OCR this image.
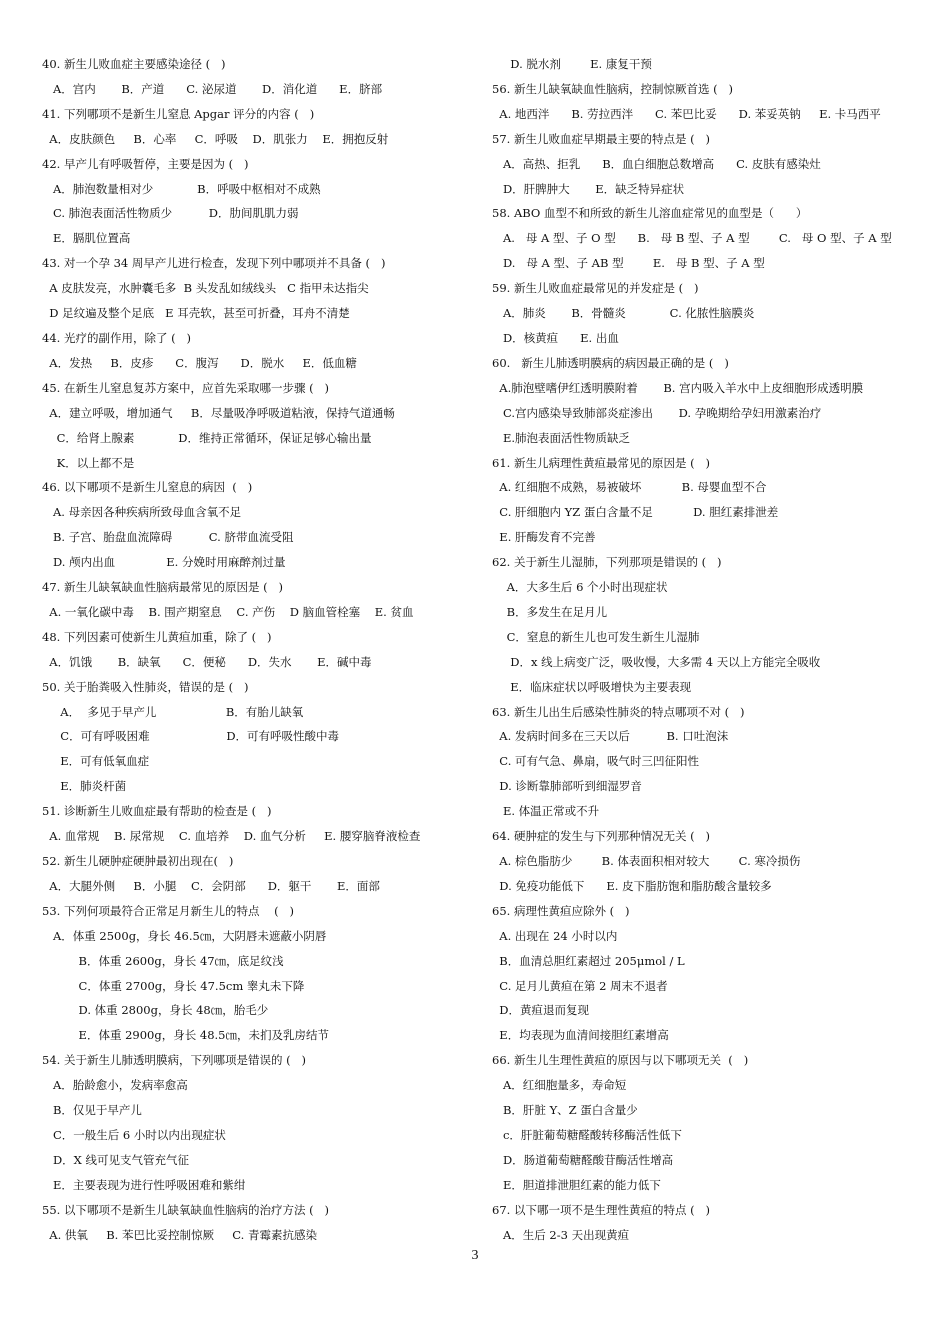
40. 新生儿败血症主要感染途径 (   )
A．宫内       B．产道      C. 泌尿道       D．消化道      E．脐部
41. 下列哪项不是新生儿窒息 Apgar 评分的内容 (   )
A．皮肤颜色     B．心率     C．呼吸    D．肌张力    E．拥抱反射
42. 早产儿有呼吸暂停，主要是因为 (   )
A．肺泡数量相对少            B．呼吸中枢相对不成熟
C. 肺泡表面活性物质少          D．肋间肌肌力弱
E．膈肌位置高
43. 对一个孕 34 周早产儿进行检查，发现下列中哪项并不具备 (   )
A 皮肤发亮，水肿囊毛多  B 头发乱如绒线头   C 指甲未达指尖
D 足纹遍及整个足底   E 耳壳软，甚至可折叠，耳舟不清楚
44. 光疗的副作用，除了 (   )
A．发热     B．皮疹      C．腹泻      D．脱水     E．低血糖
45. 在新生儿窒息复苏方案中，应首先采取哪一步骤 (   )
A．建立呼吸，增加通气     B．尽量吸净呼吸道粘液，保持气道通畅
C．给肾上腺素            D．维持正常循环，保证足够心输出量
K．以上都不是
46. 以下哪项不是新生儿窒息的病因  (   )
A. 母亲因各种疾病所致母血含氧不足
B. 子宫、胎盘血流障碍          C. 脐带血流受阻
D. 颅内出血              E. 分娩时用麻醉剂过量
47. 新生儿缺氧缺血性脑病最常见的原因是 (   )
A. 一氧化碳中毒    B. 围产期窒息    C. 产伤    D 脑血管栓塞    E. 贫血
48. 下列因素可使新生儿黄疸加重，除了 (   )
A．饥饿       B．缺氧      C．便秘      D．失水       E．碱中毒
50. 关于胎粪吸入性肺炎，错误的是 (   )
A．  多见于早产儿                   B．有胎儿缺氧
C．可有呼吸困难                     D．可有呼吸性酸中毒
E．可有低氧血症
E．肺炎杆菌
51. 诊断新生儿败血症最有帮助的检查是 (   )
A. 血常规    B. 尿常规    C. 血培养    D. 血气分析     E. 腰穿脑脊液检查
52. 新生儿硬肿症硬肿最初出现在(   )
A．大腿外侧     B．小腿    C．会阴部      D．躯干       E．面部
53. 下列何项最符合正常足月新生儿的特点    (   )
A．体重 2500g，身长 46.5㎝，大阴唇未遮蔽小阴唇
B．体重 2600g，身长 47㎝，底足纹浅
C．体重 2700g，身长 47.5cm 睾丸未下降
D. 体重 2800g，身长 48㎝，胎毛少
E．体重 2900g，身长 48.5㎝，未扪及乳房结节
54. 关于新生儿肺透明膜病，下列哪项是错误的 (   )
A．胎龄愈小，发病率愈高
B．仅见于早产儿
C．一般生后 6 小时以内出现症状
D．X 线可见支气管充气征
E．主要表现为进行性呼吸困难和紫绀
55. 以下哪项不是新生儿缺氧缺血性脑病的治疗方法 (   )
A. 供氧     B. 苯巴比妥控制惊厥     C. 青霉素抗感染
D. 脱水剂        E. 康复干预
56. 新生儿缺氧缺血性脑病，控制惊厥首选 (   )
A. 地西泮      B. 劳拉西泮      C. 苯巴比妥      D. 苯妥英钠     E. 卡马西平
57. 新生儿败血症早期最主要的特点是 (   )
A．高热、拒乳      B．血白细胞总数增高      C. 皮肤有感染灶
D．肝脾肿大       E．缺乏特异症状
58. ABO 血型不和所致的新生儿溶血症常见的血型是（      ）
A.   母 A 型、子 O 型      B.   母 B 型、子 A 型        C.   母 O 型、子 A 型
D.   母 A 型、子 AB 型        E.   母 B 型、子 A 型
59. 新生儿败血症最常见的并发症是 (   )
A．肺炎       B．骨髓炎            C. 化脓性脑膜炎
D．核黄疸      E. 出血
60.   新生儿肺透明膜病的病因最正确的是 (   )
A.肺泡壁嗜伊红透明膜附着       B. 宫内吸入羊水中上皮细胞形成透明膜
C.宫内感染导致肺部炎症渗出       D. 孕晚期给孕妇用激素治疗
E.肺泡表面活性物质缺乏
61. 新生儿病理性黄疸最常见的原因是 (   )
A. 红细胞不成熟，易被破坏           B. 母婴血型不合
C. 肝细胞内 YZ 蛋白含量不足           D. 胆红素排泄差
E. 肝酶发育不完善
62. 关于新生儿湿肺，下列那项是错误的 (   )
A．大多生后 6 个小时出现症状
B．多发生在足月儿
C．窒息的新生儿也可发生新生儿湿肺
D．x 线上病变广泛，吸收慢，大多需 4 天以上方能完全吸收
E．临床症状以呼吸增快为主要表现
63. 新生儿出生后感染性肺炎的特点哪项不对 (   )
A. 发病时间多在三天以后          B. 口吐泡沫
C. 可有气急、鼻扇，吸气时三凹征阳性
D. 诊断靠肺部听到细湿罗音
E. 体温正常或不升
64. 硬肿症的发生与下列那种情况无关 (   )
A. 棕色脂肪少        B. 体表面积相对较大        C. 寒冷损伤
D. 免疫功能低下      E. 皮下脂肪饱和脂肪酸含量较多
65. 病理性黄疸应除外 (   )
A. 出现在 24 小时以内
B．血清总胆红素超过 205μmol / L
C. 足月儿黄疸在第 2 周末不退者
D．黄疸退而复现
E．均表现为血清间接胆红素增高
66. 新生儿生理性黄疸的原因与以下哪项无关  (   )
A．红细胞量多，寿命短
B．肝脏 Y、Z 蛋白含量少
c．肝脏葡萄糖醛酸转移酶活性低下
D．肠道葡萄糖醛酸苷酶活性增高
E．胆道排泄胆红素的能力低下
67. 以下哪一项不是生理性黄疸的特点 (   )
A．生后 2-3 天出现黄疸
3
